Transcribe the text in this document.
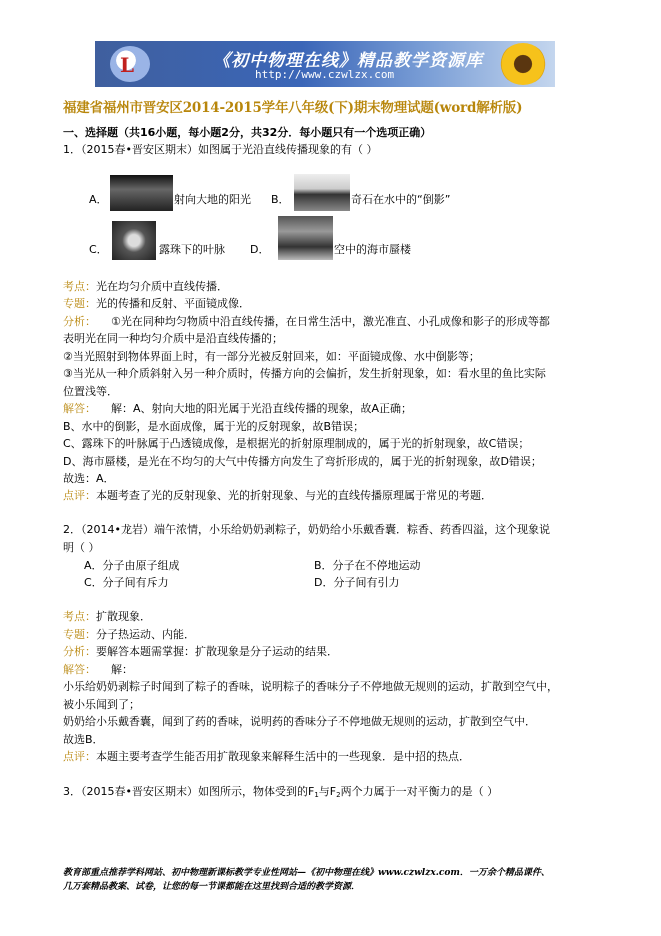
L	《初中物理在线》精品教学资源库
http://www.czwlzx.com
福建省福州市晋安区2014-2015学年八年级(下)期末物理试题(word解析版)
一、选择题（共16小题，每小题2分，共32分．每小题只有一个选项正确）
1．（2015春•晋安区期末）如图属于光沿直线传播现象的有（ ）
A．	射向大地的阳光 B．	奇石在水中的“倒影”
C．	露珠下的叶脉 D．	空中的海市蜃楼
考点： 光在均匀介质中直线传播．
专题： 光的传播和反射、平面镜成像．
分析： ①光在同种均匀物质中沿直线传播，在日常生活中，激光准直、小孔成像和影子的形成等都
表明光在同一种均匀介质中是沿直线传播的；
②当光照射到物体界面上时，有一部分光被反射回来，如：平面镜成像、水中倒影等；
③当光从一种介质斜射入另一种介质时，传播方向的会偏折，发生折射现象，如：看水里的鱼比实际
位置浅等．
解答： 解：A、射向大地的阳光属于光沿直线传播的现象，故A正确；
B、水中的倒影，是水面成像，属于光的反射现象，故B错误；
C、露珠下的叶脉属于凸透镜成像，是根据光的折射原理制成的，属于光的折射现象，故C错误；
D、海市蜃楼，是光在不均匀的大气中传播方向发生了弯折形成的，属于光的折射现象，故D错误；
故选：A．
点评： 本题考查了光的反射现象、光的折射现象、与光的直线传播原理属于常见的考题．
2．（2014•龙岩）端午浓情，小乐给奶奶剥粽子，奶奶给小乐戴香囊．粽香、药香四溢，这个现象说
明（ ）
A．分子由原子组成	B．分子在不停地运动
C．分子间有斥力	D．分子间有引力
考点： 扩散现象．
专题： 分子热运动、内能．
分析： 要解答本题需掌握：扩散现象是分子运动的结果．
解答： 解：
小乐给奶奶剥粽子时闻到了粽子的香味，说明粽子的香味分子不停地做无规则的运动，扩散到空气中，
被小乐闻到了；
奶奶给小乐戴香囊，闻到了药的香味，说明药的香味分子不停地做无规则的运动，扩散到空气中．
故选B．
点评： 本题主要考查学生能否用扩散现象来解释生活中的一些现象．是中招的热点．
3．（2015春•晋安区期末）如图所示，物体受到的$F_1$与$F_2$两个力属于一对平衡力的是（ ）
教育部重点推荐学科网站、初中物理新课标教学专业性网站—《初中物理在线》www.czwlzx.com．一万余个精品课件、
几万套精品教案、试卷，让您的每一节课都能在这里找到合适的教学资源．
